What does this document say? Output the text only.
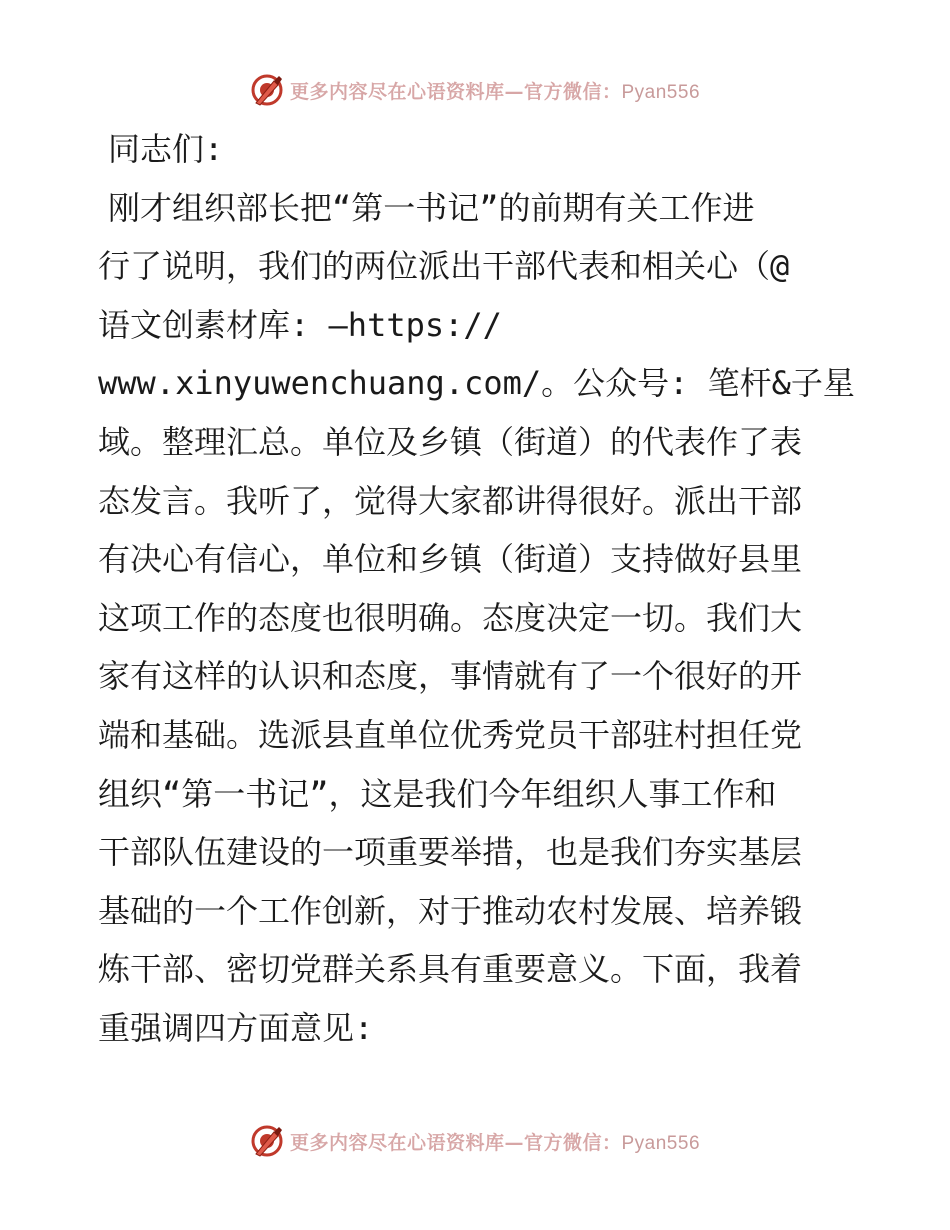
更多内容尽在心语资料库—官方微信：Pyan556
同志们:
刚才组织部长把“第一书记”的前期有关工作进
行了说明，我们的两位派出干部代表和相关心（@
语文创素材库: —https://
www.xinyuwenchuang.com/。公众号: 笔杆&子星
域。整理汇总。单位及乡镇（街道）的代表作了表
态发言。我听了，觉得大家都讲得很好。派出干部
有决心有信心，单位和乡镇（街道）支持做好县里
这项工作的态度也很明确。态度决定一切。我们大
家有这样的认识和态度，事情就有了一个很好的开
端和基础。选派县直单位优秀党员干部驻村担任党
组织“第一书记”，这是我们今年组织人事工作和
干部队伍建设的一项重要举措，也是我们夯实基层
基础的一个工作创新，对于推动农村发展、培养锻
炼干部、密切党群关系具有重要意义。下面，我着
重强调四方面意见:
更多内容尽在心语资料库—官方微信：Pyan556
